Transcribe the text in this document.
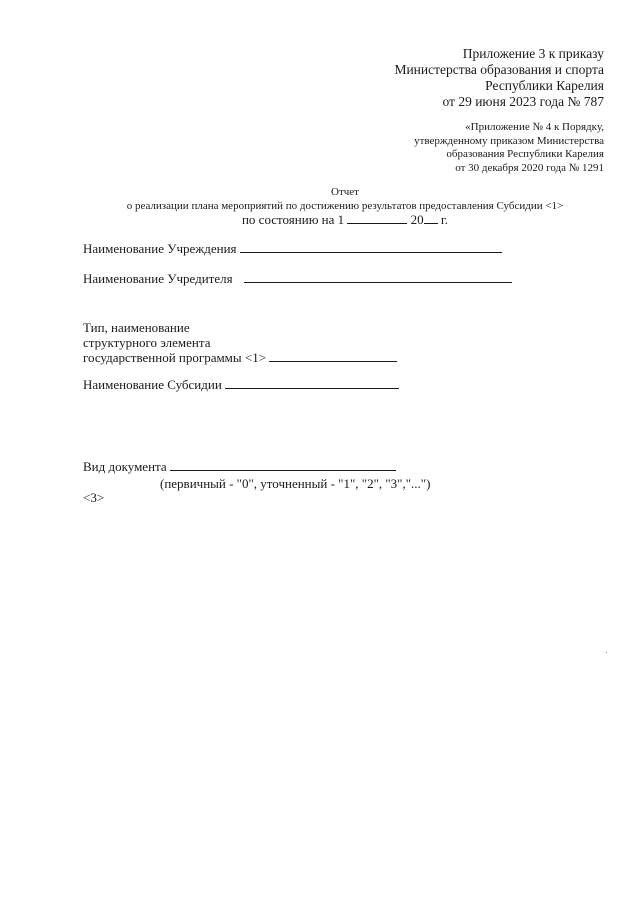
Приложение 3 к приказу
Министерства образования и спорта
Республики Карелия
от 29 июня 2023 года № 787
«Приложение № 4 к Порядку,
утвержденному приказом Министерства
образования Республики Карелия
от 30 декабря 2020 года № 1291
Отчет
о реализации плана мероприятий по достижению результатов предоставления Субсидии <1>
по состоянию на 1	20 г.
Наименование Учреждения
Наименование Учредителя
Тип, наименование
структурного элемента
государственной программы <1>
Наименование Субсидии
Вид документа
(первичный - "0", уточненный - "1", "2", "3","...")
<3>
